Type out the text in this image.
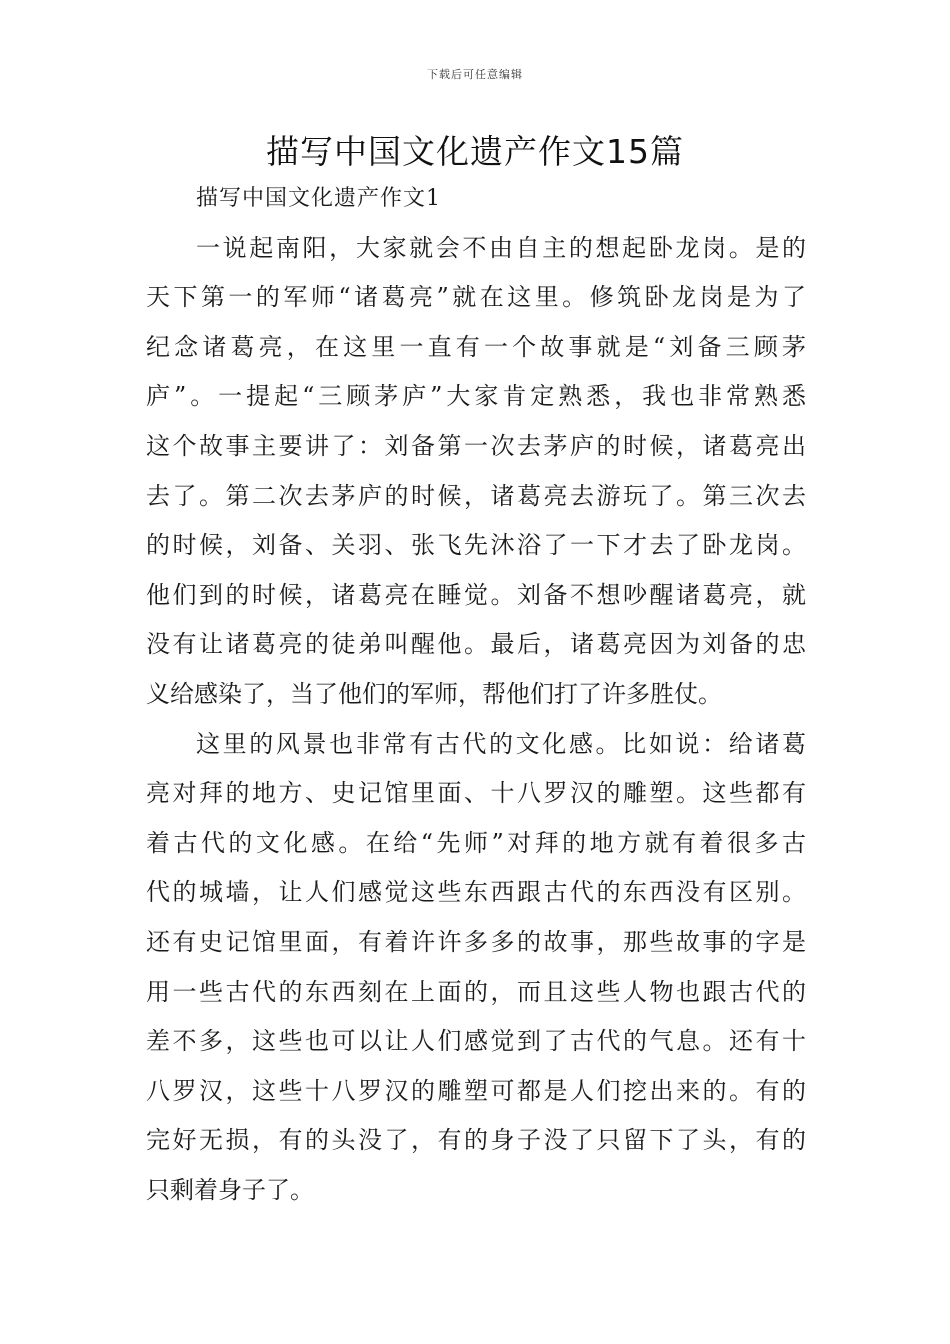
下载后可任意编辑
描写中国文化遗产作文15篇
描写中国文化遗产作文1
一说起南阳，大家就会不由自主的想起卧龙岗。是的
天下第一的军师“诸葛亮”就在这里。修筑卧龙岗是为了
纪念诸葛亮，在这里一直有一个故事就是“刘备三顾茅
庐”。一提起“三顾茅庐”大家肯定熟悉，我也非常熟悉
这个故事主要讲了：刘备第一次去茅庐的时候，诸葛亮出
去了。第二次去茅庐的时候，诸葛亮去游玩了。第三次去
的时候，刘备、关羽、张飞先沐浴了一下才去了卧龙岗。
他们到的时候，诸葛亮在睡觉。刘备不想吵醒诸葛亮，就
没有让诸葛亮的徒弟叫醒他。最后，诸葛亮因为刘备的忠
义给感染了，当了他们的军师，帮他们打了许多胜仗。
这里的风景也非常有古代的文化感。比如说：给诸葛
亮对拜的地方、史记馆里面、十八罗汉的雕塑。这些都有
着古代的文化感。在给“先师”对拜的地方就有着很多古
代的城墙，让人们感觉这些东西跟古代的东西没有区别。
还有史记馆里面，有着许许多多的故事，那些故事的字是
用一些古代的东西刻在上面的，而且这些人物也跟古代的
差不多，这些也可以让人们感觉到了古代的气息。还有十
八罗汉，这些十八罗汉的雕塑可都是人们挖出来的。有的
完好无损，有的头没了，有的身子没了只留下了头，有的
只剩着身子了。
